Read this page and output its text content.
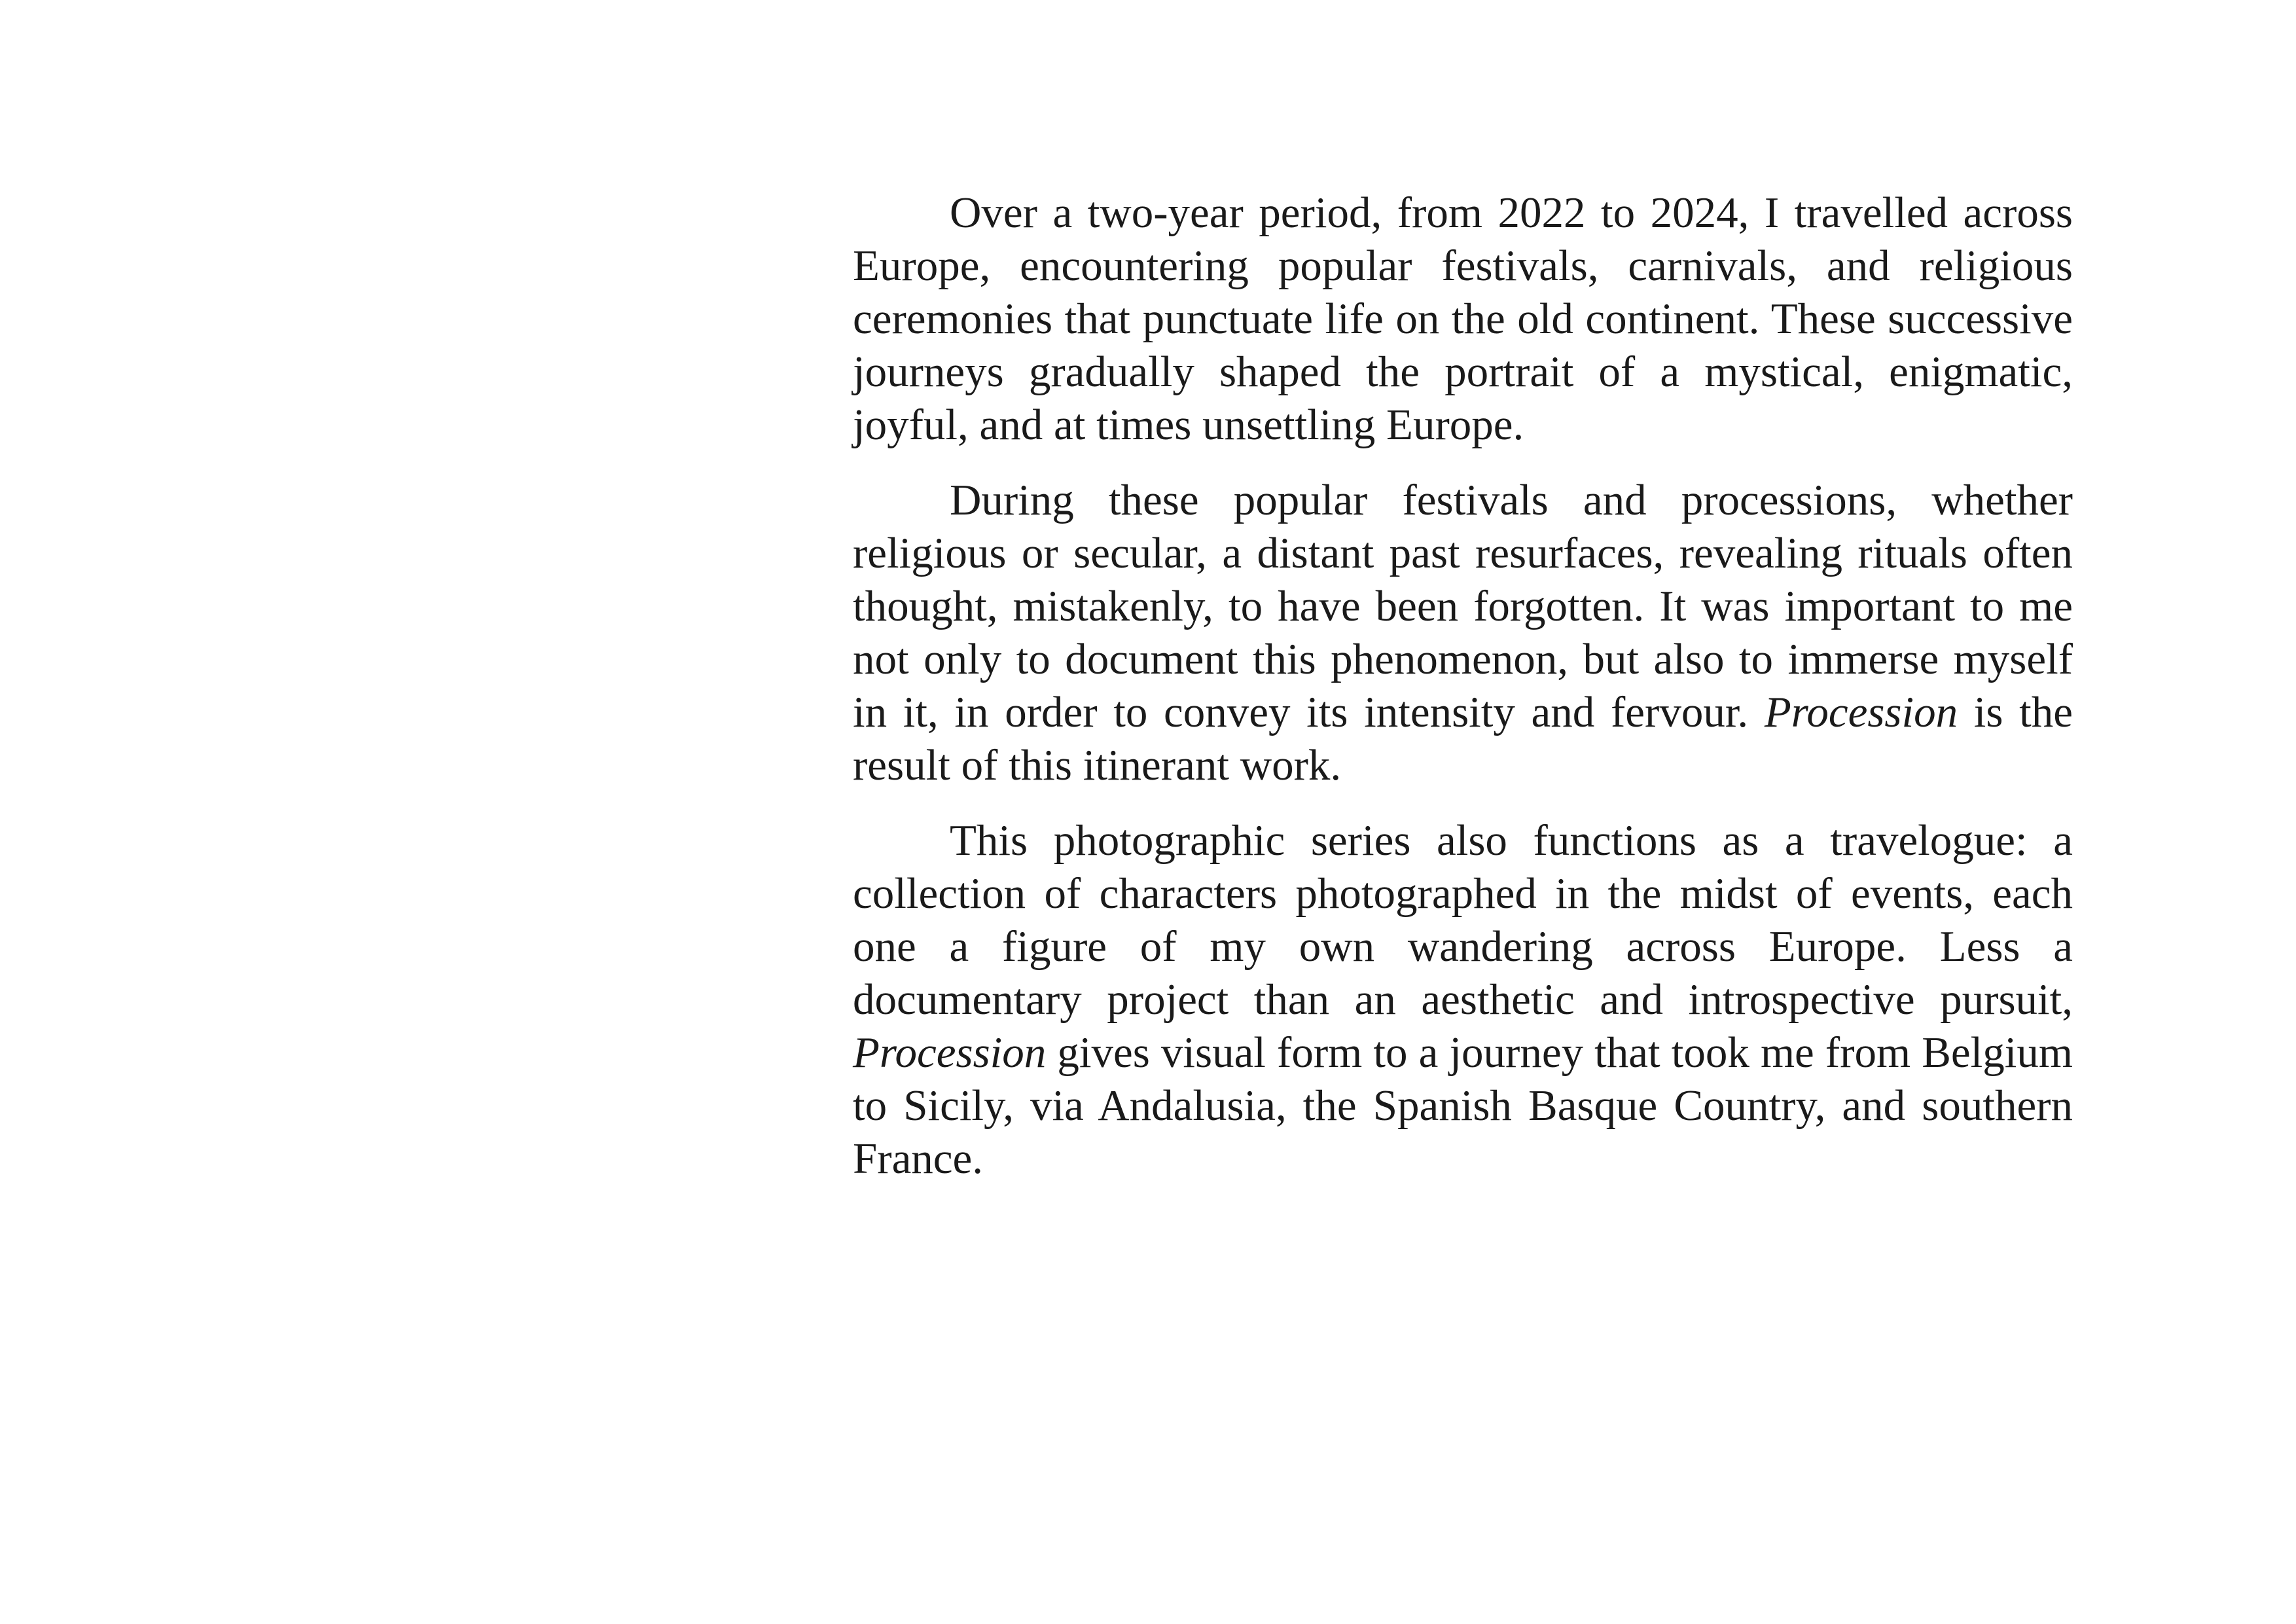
Over a two-year period, from 2022 to 2024, I travelled across Europe, encountering popular festivals, carnivals, and religious ceremonies that punctuate life on the old continent. These successive journeys gradually shaped the portrait of a mystical, enigmatic, joyful, and at times unsettling Europe.

During these popular festivals and processions, whether religious or secular, a distant past resurfaces, revealing rituals often thought, mistakenly, to have been forgotten. It was important to me not only to document this phenomenon, but also to immerse myself in it, in order to convey its intensity and fervour. Procession is the result of this itinerant work.

This photographic series also functions as a travelogue: a collection of characters photographed in the midst of events, each one a figure of my own wandering across Europe. Less a documentary project than an aesthetic and introspective pursuit, Procession gives visual form to a journey that took me from Belgium to Sicily, via Andalusia, the Spanish Basque Country, and southern France.
